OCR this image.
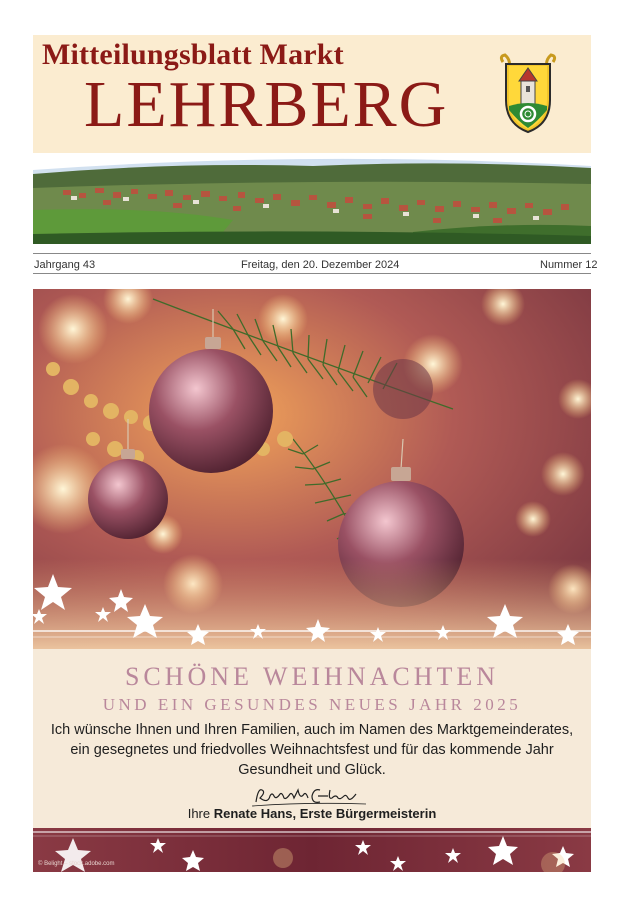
Mitteilungsblatt Markt
LEHRBERG
Jahrgang 43	Freitag, den 20. Dezember 2024	Nummer 12
SCHÖNE WEIHNACHTEN
UND EIN GESUNDES NEUES JAHR 2025
Ich wünsche Ihnen und Ihren Familien, auch im Namen des Marktgemeinderates,
ein gesegnetes und friedvolles Weihnachtsfest und für das kommende Jahr
Gesundheit und Glück.
Ihre Renate Hans, Erste Bürgermeisterin
© Belight – stock.adobe.com
